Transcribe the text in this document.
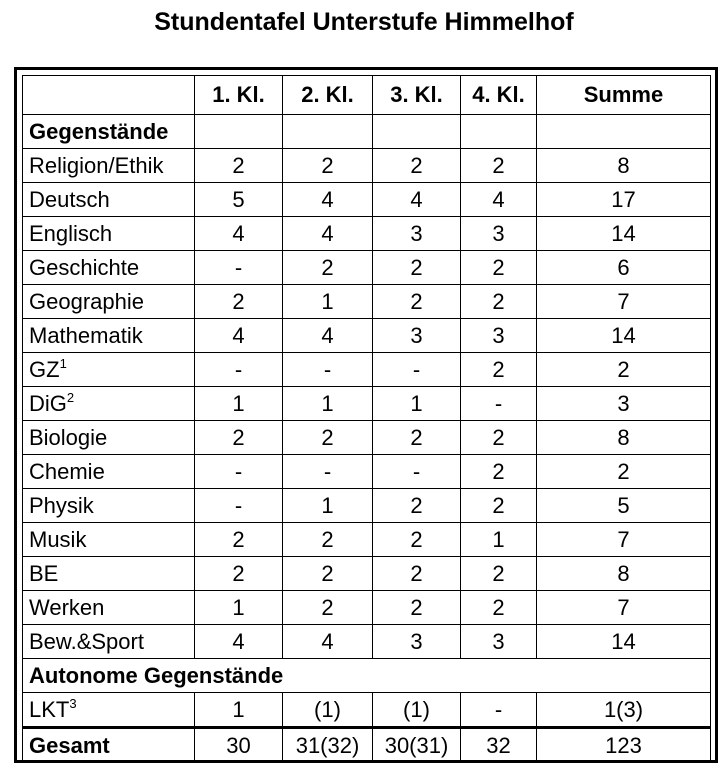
Stundentafel Unterstufe Himmelhof
	1. Kl.	2. Kl.	3. Kl.	4. Kl.	Summe
Gegenstände					
Religion/Ethik	2	2	2	2	8
Deutsch	5	4	4	4	17
Englisch	4	4	3	3	14
Geschichte	-	2	2	2	6
Geographie	2	1	2	2	7
Mathematik	4	4	3	3	14
$GZ^1$	-	-	-	2	2
DiG$^2$	1	1	1	-	3
Biologie	2	2	2	2	8
Chemie	-	-	-	2	2
Physik	-	1	2	2	5
Musik	2	2	2	1	7
BE	2	2	2	2	8
Werken	1	2	2	2	7
Bew.&Sport	4	4	3	3	14
Autonome Gegenstände					
LKT$^3$	1	(1)	(1)	-	1(3)
Gesamt	30	31(32)	30(31)	32	123
